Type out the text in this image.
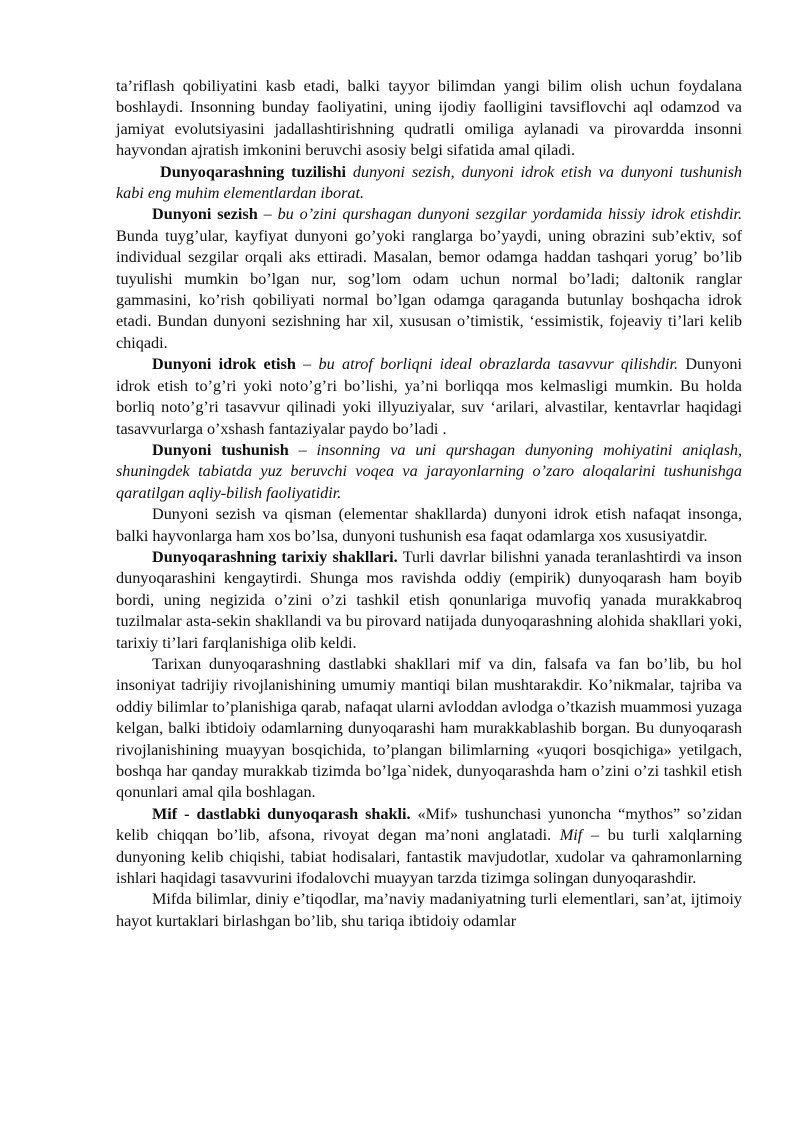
ta’riflash qobiliyatini kasb etadi, balki tayyor bilimdan yangi bilim olish uchun foydalana boshlaydi. Insonning bunday faoliyatini, uning ijodiy faolligini tavsiflovchi aql odamzod va jamiyat evolutsiyasini jadallashtirishning qudratli omiliga aylanadi va pirovardda insonni hayvondan ajratish imkonini beruvchi asosiy belgi sifatida amal qiladi.

Dunyoqarashning tuzilishi dunyoni sezish, dunyoni idrok etish va dunyoni tushunish kabi eng muhim elementlardan iborat.

Dunyoni sezish – bu o’zini qurshagan dunyoni sezgilar yordamida hissiy idrok etishdir. Bunda tuyg’ular, kayfiyat dunyoni go’yoki ranglarga bo’yaydi, uning obrazini sub’ektiv, sof individual sezgilar orqali aks ettiradi. Masalan, bemor odamga haddan tashqari yorug’ bo’lib tuyulishi mumkin bo’lgan nur, sog’lom odam uchun normal bo’ladi; daltonik ranglar gammasini, ko’rish qobiliyati normal bo’lgan odamga qaraganda butunlay boshqacha idrok etadi. Bundan dunyoni sezishning har xil, xususan o’timistik, ‘essimistik, fojeaviy ti’lari kelib chiqadi.

Dunyoni idrok etish – bu atrof borliqni ideal obrazlarda tasavvur qilishdir. Dunyoni idrok etish to’g’ri yoki noto’g’ri bo’lishi, ya’ni borliqqa mos kelmasligi mumkin. Bu holda borliq noto’g’ri tasavvur qilinadi yoki illyuziyalar, suv ‘arilari, alvastilar, kentavrlar haqidagi tasavvurlarga o’xshash fantaziyalar paydo bo’ladi .

Dunyoni tushunish – insonning va uni qurshagan dunyoning mohiyatini aniqlash, shuningdek tabiatda yuz beruvchi voqea va jarayonlarning o’zaro aloqalarini tushunishga qaratilgan aqliy-bilish faoliyatidir.

Dunyoni sezish va qisman (elementar shakllarda) dunyoni idrok etish nafaqat insonga, balki hayvonlarga ham xos bo’lsa, dunyoni tushunish esa faqat odamlarga xos xususiyatdir.

Dunyoqarashning tarixiy shakllari. Turli davrlar bilishni yanada teranlashtirdi va inson dunyoqarashini kengaytirdi. Shunga mos ravishda oddiy (empirik) dunyoqarash ham boyib bordi, uning negizida o’zini o’zi tashkil etish qonunlariga muvofiq yanada murakkabroq tuzilmalar asta-sekin shakllandi va bu pirovard natijada dunyoqarashning alohida shakllari yoki, tarixiy ti’lari farqlanishiga olib keldi.

Tarixan dunyoqarashning dastlabki shakllari mif va din, falsafa va fan bo’lib, bu hol insoniyat tadrijiy rivojlanishining umumiy mantiqi bilan mushtarakdir. Ko’nikmalar, tajriba va oddiy bilimlar to’planishiga qarab, nafaqat ularni avloddan avlodga o’tkazish muammosi yuzaga kelgan, balki ibtidoiy odamlarning dunyoqarashi ham murakkablashib borgan. Bu dunyoqarash rivojlanishining muayyan bosqichida, to’plangan bilimlarning «yuqori bosqichiga» yetilgach, boshqa har qanday murakkab tizimda bo’lga`nidek, dunyoqarashda ham o’zini o’zi tashkil etish qonunlari amal qila boshlagan.

Mif - dastlabki dunyoqarash shakli. «Mif» tushunchasi yunoncha “mythos” so’zidan kelib chiqqan bo’lib, afsona, rivoyat degan ma’noni anglatadi. Mif – bu turli xalqlarning dunyoning kelib chiqishi, tabiat hodisalari, fantastik mavjudotlar, xudolar va qahramonlarning ishlari haqidagi tasavvurini ifodalovchi muayyan tarzda tizimga solingan dunyoqarashdir.

Mifda bilimlar, diniy e’tiqodlar, ma’naviy madaniyatning turli elementlari, san’at, ijtimoiy hayot kurtaklari birlashgan bo’lib, shu tariqa ibtidoiy odamlar
